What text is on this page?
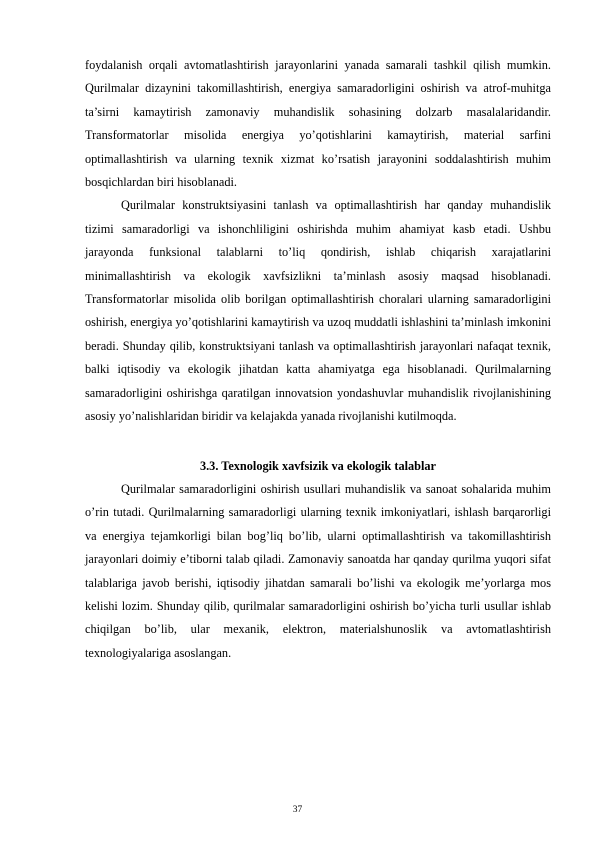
foydalanish orqali avtomatlashtirish jarayonlarini yanada samarali tashkil qilish mumkin. Qurilmalar dizaynini takomillashtirish, energiya samaradorligini oshirish va atrof-muhitga ta’sirni kamaytirish zamonaviy muhandislik sohasining dolzarb masalalaridandir. Transformatorlar misolida energiya yo’qotishlarini kamaytirish, material sarfini optimallashtirish va ularning texnik xizmat ko’rsatish jarayonini soddalashtirish muhim bosqichlardan biri hisoblanadi.

Qurilmalar konstruktsiyasini tanlash va optimallashtirish har qanday muhandislik tizimi samaradorligi va ishonchliligini oshirishda muhim ahamiyat kasb etadi. Ushbu jarayonda funksional talablarni to’liq qondirish, ishlab chiqarish xarajatlarini minimallashtirish va ekologik xavfsizlikni ta’minlash asosiy maqsad hisoblanadi. Transformatorlar misolida olib borilgan optimallashtirish choralari ularning samaradorligini oshirish, energiya yo’qotishlarini kamaytirish va uzoq muddatli ishlashini ta’minlash imkonini beradi. Shunday qilib, konstruktsiyani tanlash va optimallashtirish jarayonlari nafaqat texnik, balki iqtisodiy va ekologik jihatdan katta ahamiyatga ega hisoblanadi. Qurilmalarning samaradorligini oshirishga qaratilgan innovatsion yondashuvlar muhandislik rivojlanishining asosiy yo’nalishlaridan biridir va kelajakda yanada rivojlanishi kutilmoqda.

3.3. Texnologik xavfsizik va ekologik talablar

Qurilmalar samaradorligini oshirish usullari muhandislik va sanoat sohalarida muhim o’rin tutadi. Qurilmalarning samaradorligi ularning texnik imkoniyatlari, ishlash barqarorligi va energiya tejamkorligi bilan bog’liq bo’lib, ularni optimallashtirish va takomillashtirish jarayonlari doimiy e’tiborni talab qiladi. Zamonaviy sanoatda har qanday qurilma yuqori sifat talablariga javob berishi, iqtisodiy jihatdan samarali bo’lishi va ekologik me’yorlarga mos kelishi lozim. Shunday qilib, qurilmalar samaradorligini oshirish bo’yicha turli usullar ishlab chiqilgan bo’lib, ular mexanik, elektron, materialshunoslik va avtomatlashtirish texnologiyalariga asoslangan.

37
